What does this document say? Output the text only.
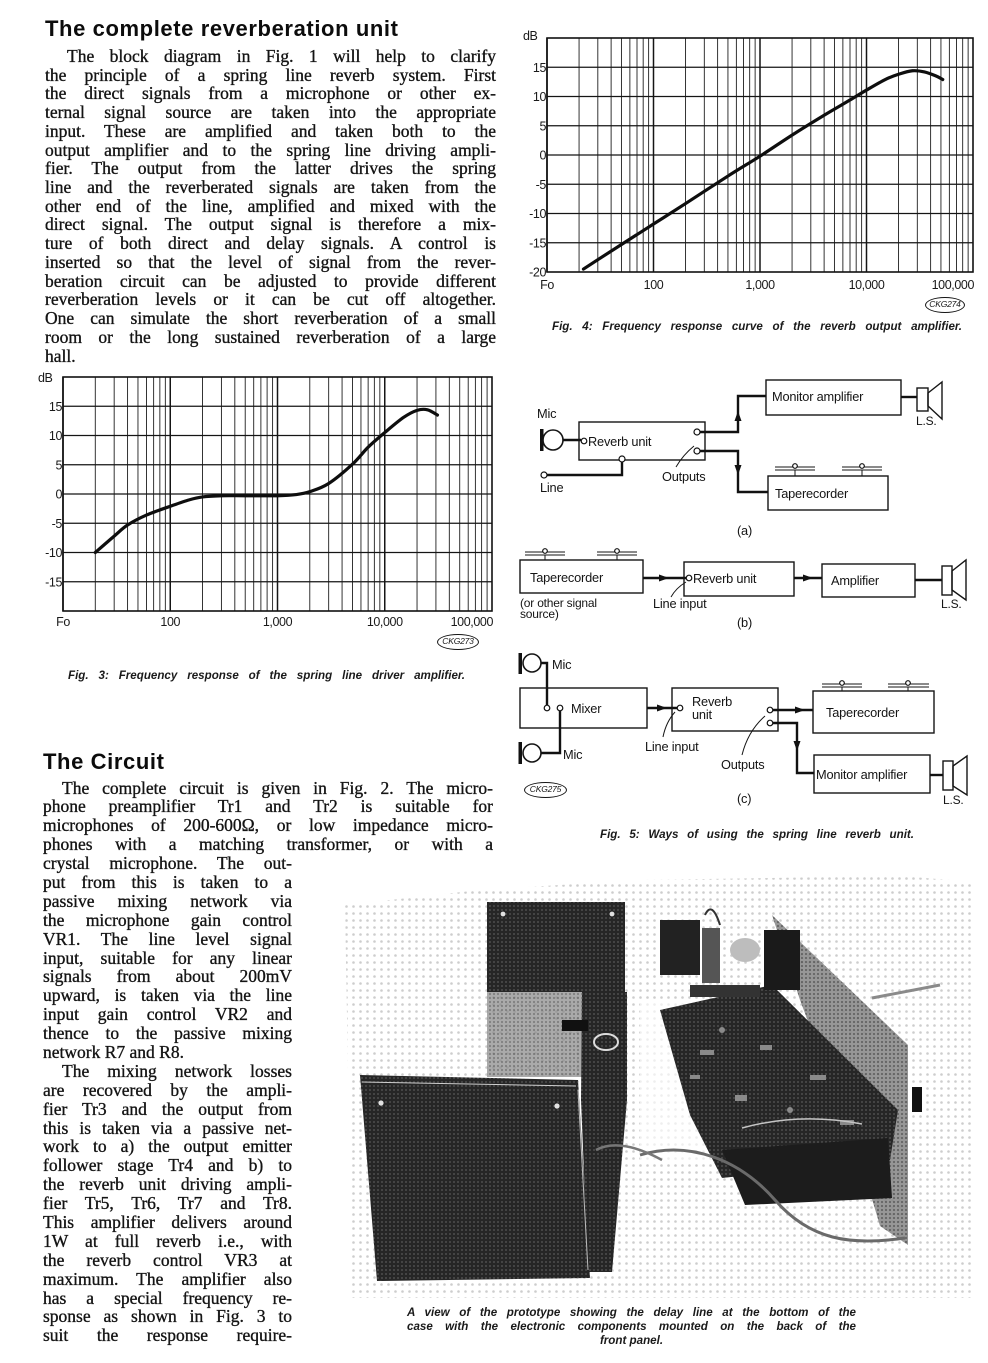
The complete reverberation unit
The block diagram in Fig. 1 will help to clarify
the principle of a spring line reverb system. First
the direct signals from a microphone or other ex-
ternal signal source are taken into the appropriate
input. These are amplified and taken both to the
output amplifier and to the spring line driving ampli-
fier. The output from the latter drives the spring
line and the reverberated signals are taken from the
other end of the line, amplified and mixed with the
direct signal. The output signal is therefore a mix-
ture of both direct and delay signals. A control is
inserted so that the level of signal from the rever-
beration circuit can be adjusted to provide different
reverberation levels or it can be cut off altogether.
One can simulate the short reverberation of a small
room or the long sustained reverberation of a large
hall.
15
10
5
0
-5
-10
-15
-20
Fo	100	1,000	10,000	100,000
dB
CKG274
Fig. 4: Frequency response curve of the reverb output amplifier.
15
10
5
0
-5
-10
-15
Fo	100	1,000	10,000	100,000
dB
CKG273
Fig. 3: Frequency response of the spring line driver amplifier.
Mic
Reverb unit
Line
Outputs
Monitor amplifier
L.S.
Taperecorder
(a)
Taperecorder
(or other signal
source)
Reverb unit
Line input
Amplifier
L.S.
(b)
Mic
Mixer
Mic
Reverb
unit
Line input
Outputs
Taperecorder
Monitor amplifier
L.S.
(c)
CKG275
Fig. 5: Ways of using the spring line reverb unit.
The Circuit
The complete circuit is given in Fig. 2. The micro-
phone preamplifier Tr1 and Tr2 is suitable for
microphones of 200-600Ω, or low impedance micro-
phones with a matching transformer, or with a
crystal microphone. The out-
put from this is taken to a
passive mixing network via
the microphone gain control
VR1. The line level signal
input, suitable for any linear
signals from about 200mV
upward, is taken via the line
input gain control VR2 and
thence to the passive mixing
network R7 and R8.
The mixing network losses
are recovered by the ampli-
fier Tr3 and the output from
this is taken via a passive net-
work to a) the output emitter
follower stage Tr4 and b) to
the reverb unit driving ampli-
fier Tr5, Tr6, Tr7 and Tr8.
This amplifier delivers around
1W at full reverb i.e., with
the reverb control VR3 at
maximum. The amplifier also
has a special frequency re-
sponse as shown in Fig. 3 to
suit the response require-
A view of the prototype showing the delay line at the bottom of the
case with the electronic components mounted on the back of the
front panel.
